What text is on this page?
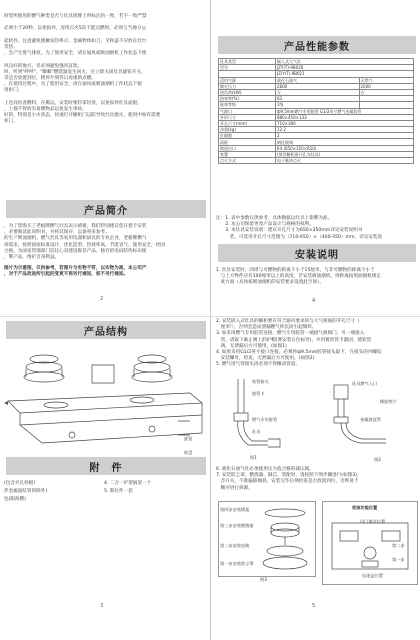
时您所使用的燃气种类是否与灶具铭牌上所标注的一致，若不一致严禁

必须小于20秒，以免损坏，连续点火5次不能点燃时，必须与当地分公

起软件，注意避免使触发热率示，金属物体如刀、叉和盖不应放在灶台
等热。
，会产生废气排放，为了使用安全，请在通风或吸油烟机工作状态下使

风良好的地方，但必须避免强风直吹。
时，听到"呼呼"、"噼噼"燃烧器发生回火，应立即关闭灶具旋钮开关，
等是否放置到位，稍停片刻待日再重新点燃。
，在使用过程中，为了使用安全，请在通风或吸油烟机工作状态下使
用柜门。

上也具检查燃料，在搬运、安装时要轻拿轻放，以免损坏灶具面板。
，上都不得放有易燃物品以免发生事故。
好的，特别是小火状态，快速打开橱柜门以防导致灶具熄火，使用中如有需要
柜门。
产品简介
，为了您购买了老板牌燃气灶具表示感谢，我们特别建议您在着手安装
，必要阅读此说明书，并将其保存，以备将来参考。
的生产吸油烟机、燃气灶具等家用电器和厨具的专业企业，老板牌燃气
场需求，按照国家标准设计、优化造型、热效率高、节能省气、使用安全，经国
合格。为国家管理部门信任心双建设推荐产品。独有的电码防伪标识使
，牌产品，维护自身利益。
图片为示意图，仅供参考，若图片与实物不符，以实物为准，本公司产
，对于产品改进所引起的变更不再另行通知，恕不另行通知。
2
产品结构
旋钮
底盘
附　件
(包含开孔样板)	4. 二合一炉架锅架一个
伴金属波纹管的除外)	5. 限位件一套
包(限海燃)
3
产品性能参数
灶具类型	嵌入式大气灶	
型号	JZY(T)-9B020	
	JZ(Y/T)-9B021	
适用气源	液化石油气	天然气
额定压力	2800	2000
热负荷(kW)	左	右
热效率(%)	63	
能效等级	1级	
气源口	ф9.5mm燃气专用胶管 G1/2英寸燃气金属软管	
外形尺寸	880×450×133	
开孔尺寸(mm)	710×380	
净重(kg)	12.2	
灶眼数	2	
面板	钢化玻璃	
烟道出口	K4 (650×350×R10)	
装置	(推荐橱柜面开孔为灶具)	
点火方式	电子脉冲点火	
注：1. 表中参数仅供参考，具体数据以灶具上铭牌为准。
　　2. 本公司保留更改产品设计与规格的权利。
　　3. 本灶具安装说明：建议开孔尺寸为650×350mm详见安装说明书
　　　装，可选用开孔尺寸范围为（710-650）×（400-350）mm，详见安装说
安装说明
1. 灶具安装时，四周与可燃物的距离不小于15厘米，与非可燃物的距离不小于
　与上方物件应有100厘米以上的高度，若安装吸油烟机，则距离按照油烟机规定
　度方面（具体按吸油烟机的安装要求设置此空间）。
4
2. 安装嵌入式灶具的橱柜要有符合通风要求的与大气相通的开孔尺寸（
　厘米²），否则会造成泄漏燃气积沉而引起爆炸。
3. 如采用燃气专用胶管连接，燃气专用胶管一端接气源阀门，另一端接入
　管，请取下截止阀上的护帽(要安装在色标处)，并用镀丝管卡紧固，使软管
　满，无泄漏后方可使用。(如图1)
4. 如果采用G1/2英寸接口连接，必须将ф9.5mm胶管接头取下，在接头的内螺纹
　安装螺母，检查，无泄漏后方可使用。(如图2)
5. 燃气进气管接头因必须不得搬动管道。
软管接头
胶管卡
燃气专用胶管
灶具
图1
灶具燃气入口
橡胶垫片
金属波纹管
图2
6. 液化石油气灶必须使用压力值合格的减压阀。
7. 安装防尘罩、燃烧器、铜芯，装配时，请按照下图步骤进行(如图3)，
　音开关，不准偏移倾斜。安装完毕后须检查是否放置到位，否则易于
　顺序进行拆卸。
第四步安装锅架
第三步安装燃烧器
第二步安装电极
第一步安装防尘罩
图3
底部功能位置
风门调节位置
第二步
第一步
电池盒位置
5
